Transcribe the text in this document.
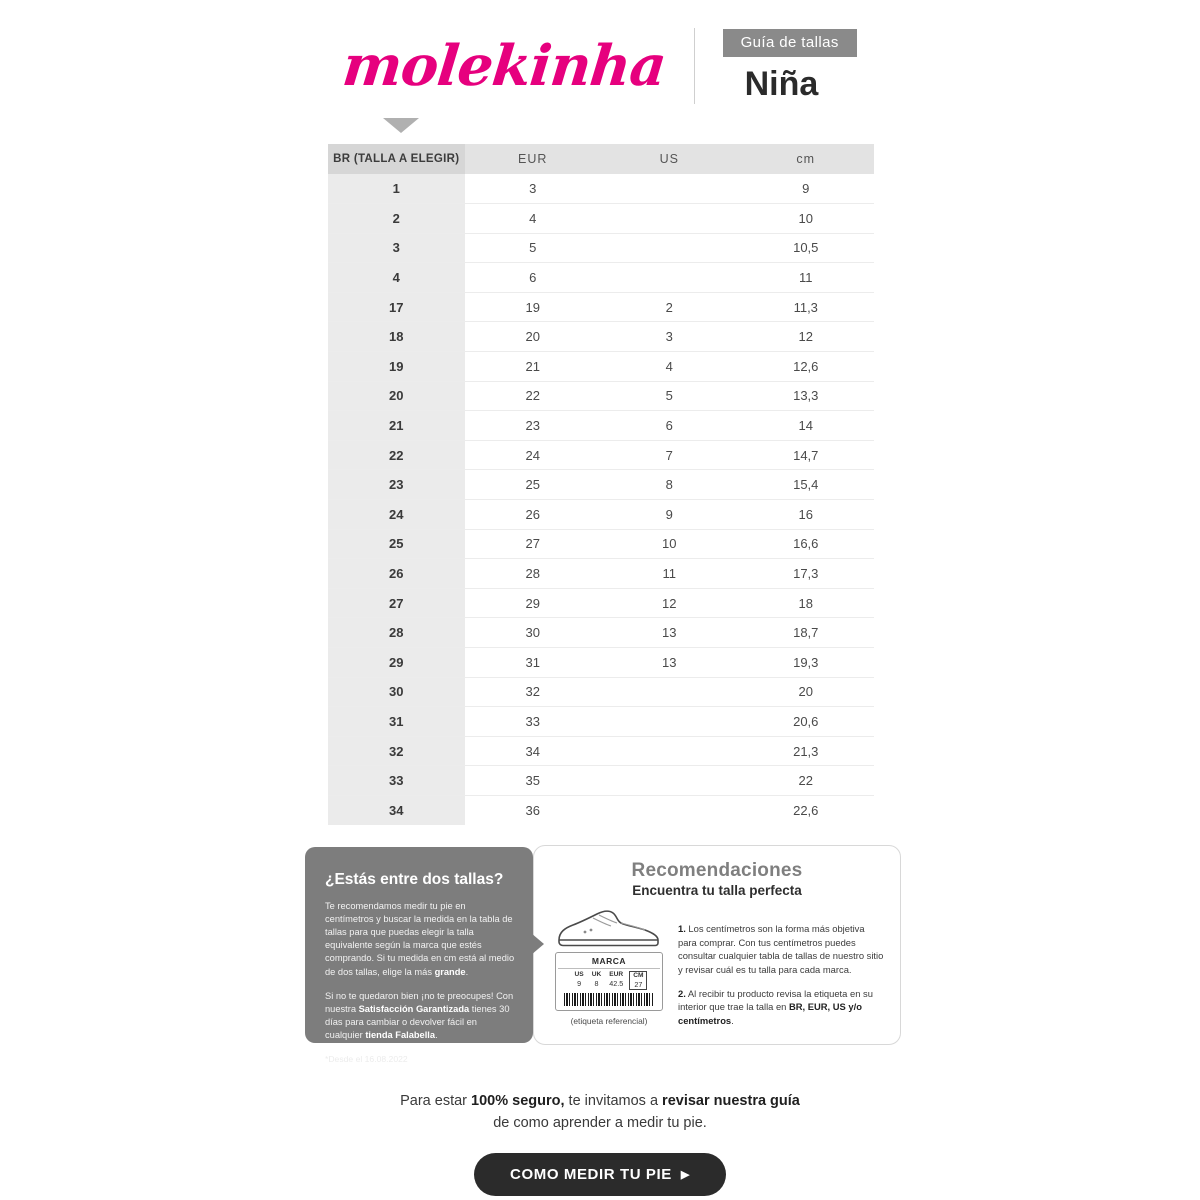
molekinha	Guía de tallas
Niña
BR (TALLA A ELEGIR)	EUR	US	cm
1	3		9
2	4		10
3	5		10,5
4	6		11
17	19	2	11,3
18	20	3	12
19	21	4	12,6
20	22	5	13,3
21	23	6	14
22	24	7	14,7
23	25	8	15,4
24	26	9	16
25	27	10	16,6
26	28	11	17,3
27	29	12	18
28	30	13	18,7
29	31	13	19,3
30	32		20
31	33		20,6
32	34		21,3
33	35		22
34	36		22,6
¿Estás entre dos tallas?

Te recomendamos medir tu pie en centímetros y buscar la medida en la tabla de tallas para que puedas elegir la talla equivalente según la marca que estés comprando. Si tu medida en cm está al medio de dos tallas, elige la más grande.

Si no te quedaron bien ¡no te preocupes! Con nuestra Satisfacción Garantizada tienes 30 días para cambiar o devolver fácil en cualquier tienda Falabella.

*Desde el 16.08.2022
Recomendaciones
Encuentra tu talla perfecta
MARCA
US
9
UK
8
EUR
42.5
CM
27
(etiqueta referencial)

1. Los centímetros son la forma más objetiva para comprar. Con tus centímetros puedes consultar cualquier tabla de tallas de nuestro sitio y revisar cuál es tu talla para cada marca.

2. Al recibir tu producto revisa la etiqueta en su interior que trae la talla en BR, EUR, US y/o centímetros.

Para estar 100% seguro, te invitamos a revisar nuestra guía

de como aprender a medir tu pie.

COMO MEDIR TU PIE ▶
